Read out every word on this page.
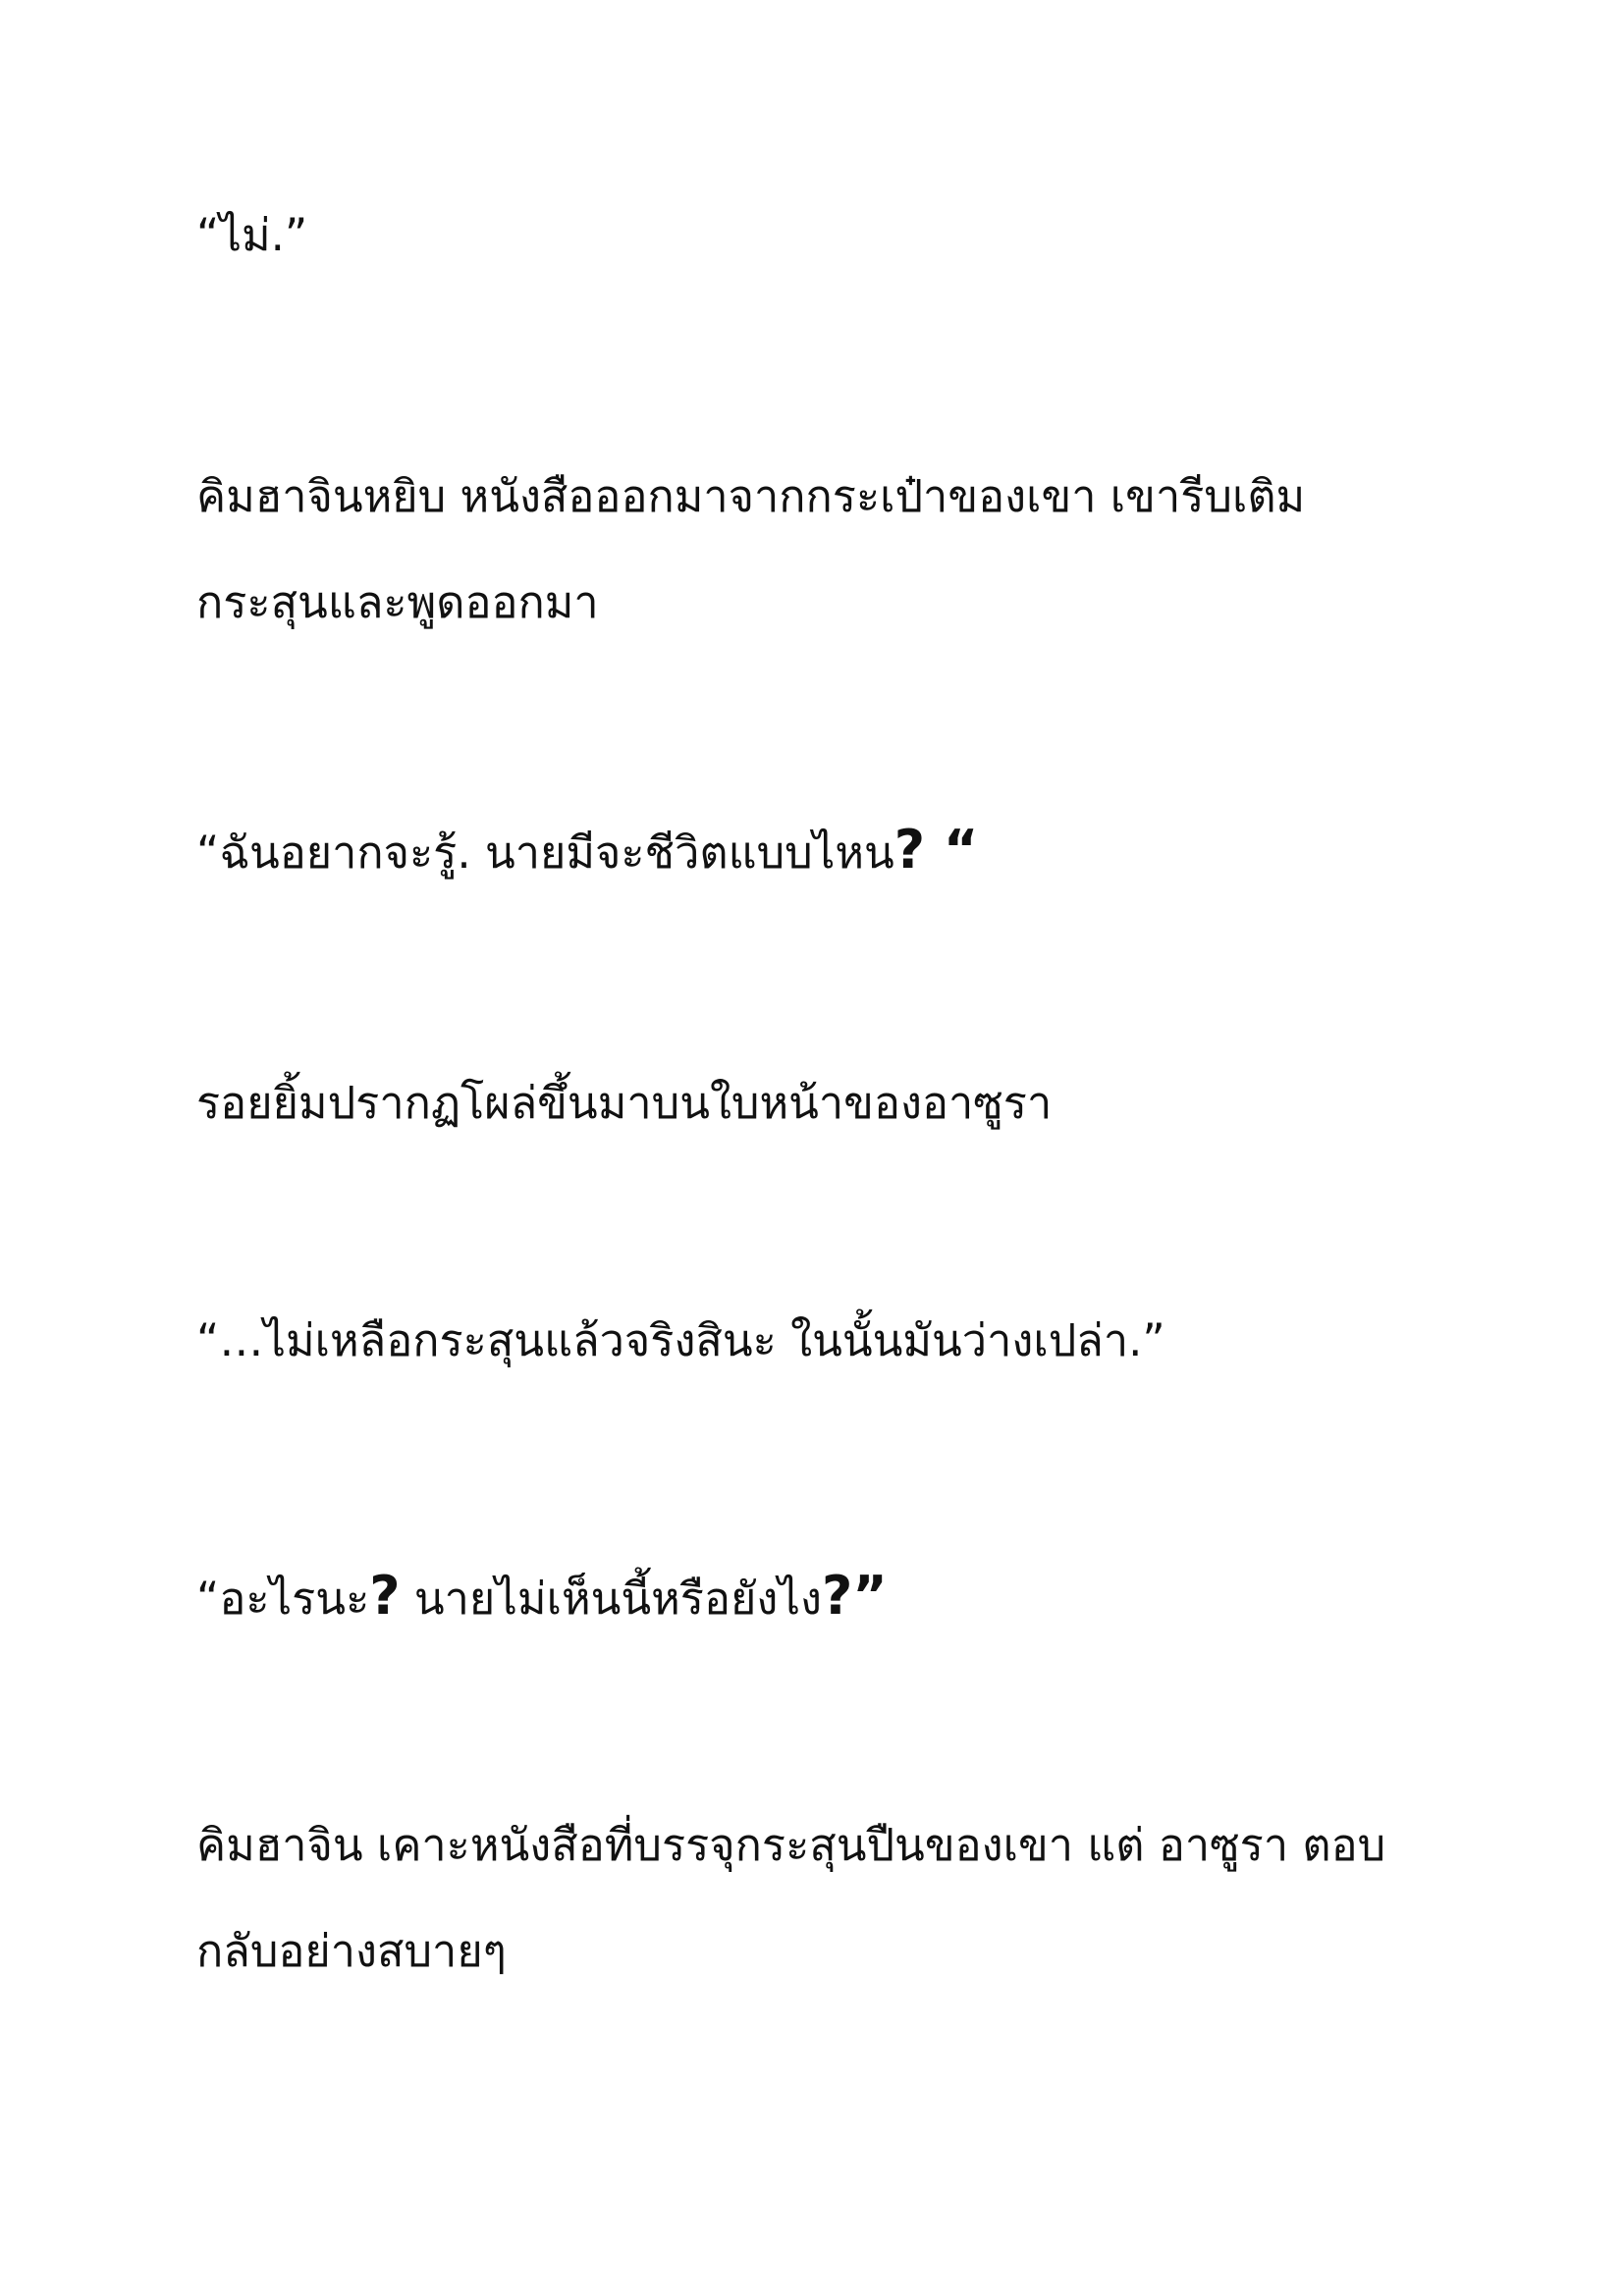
“ไม่.”

คิมฮาจินหยิบ หนังสือออกมาจากกระเป๋าของเขา เขารีบเติม
กระสุนและพูดออกมา

“ฉันอยากจะรู้. นายมีจะชีวิตแบบไหน? “

รอยยิ้มปรากฏโผล่ขึ้นมาบนใบหน้าของอาซูรา

“…ไม่เหลือกระสุนแล้วจริงสินะ ในนั้นมันว่างเปล่า.”

“อะไรนะ? นายไม่เห็นนี้หรือยังไง?”

คิมฮาจิน เคาะหนังสือที่บรรจุกระสุนปืนของเขา แต่ อาซูรา ตอบ
กลับอย่างสบายๆ
